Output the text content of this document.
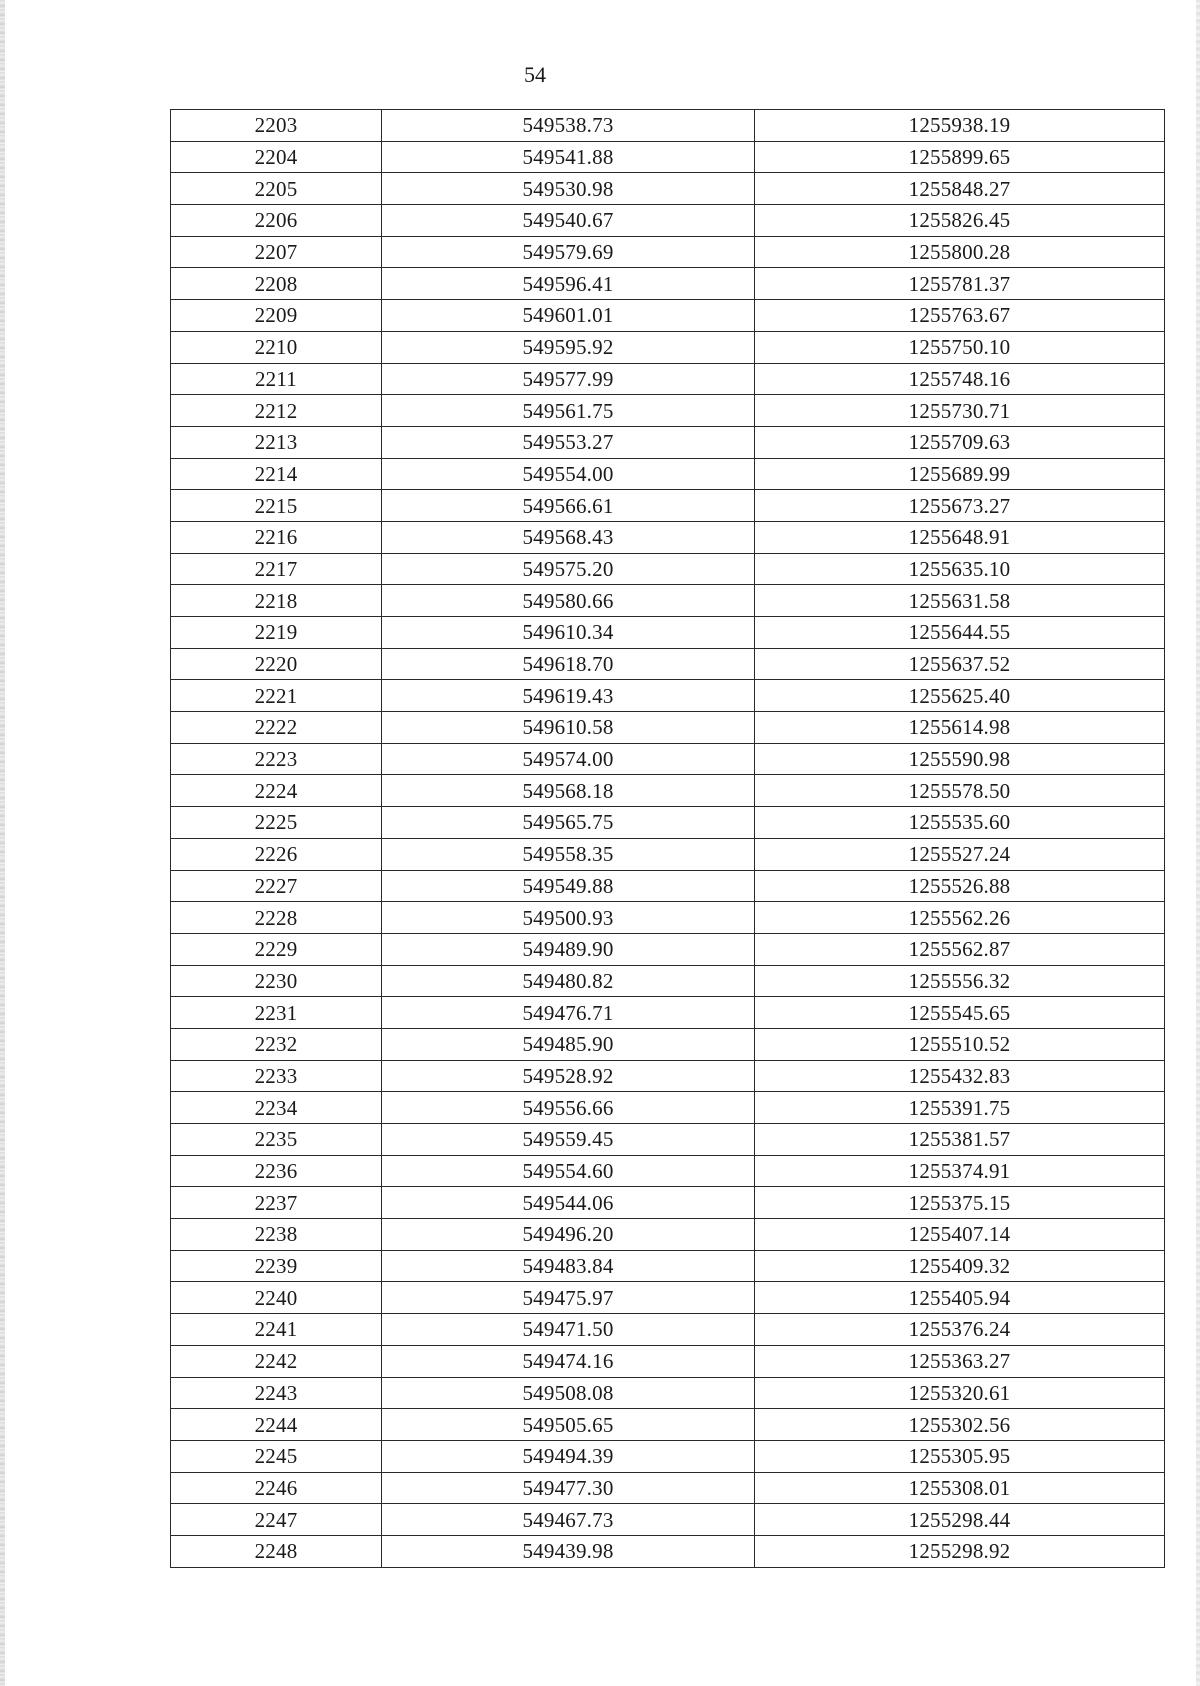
54
2203	549538.73	1255938.19
2204	549541.88	1255899.65
2205	549530.98	1255848.27
2206	549540.67	1255826.45
2207	549579.69	1255800.28
2208	549596.41	1255781.37
2209	549601.01	1255763.67
2210	549595.92	1255750.10
2211	549577.99	1255748.16
2212	549561.75	1255730.71
2213	549553.27	1255709.63
2214	549554.00	1255689.99
2215	549566.61	1255673.27
2216	549568.43	1255648.91
2217	549575.20	1255635.10
2218	549580.66	1255631.58
2219	549610.34	1255644.55
2220	549618.70	1255637.52
2221	549619.43	1255625.40
2222	549610.58	1255614.98
2223	549574.00	1255590.98
2224	549568.18	1255578.50
2225	549565.75	1255535.60
2226	549558.35	1255527.24
2227	549549.88	1255526.88
2228	549500.93	1255562.26
2229	549489.90	1255562.87
2230	549480.82	1255556.32
2231	549476.71	1255545.65
2232	549485.90	1255510.52
2233	549528.92	1255432.83
2234	549556.66	1255391.75
2235	549559.45	1255381.57
2236	549554.60	1255374.91
2237	549544.06	1255375.15
2238	549496.20	1255407.14
2239	549483.84	1255409.32
2240	549475.97	1255405.94
2241	549471.50	1255376.24
2242	549474.16	1255363.27
2243	549508.08	1255320.61
2244	549505.65	1255302.56
2245	549494.39	1255305.95
2246	549477.30	1255308.01
2247	549467.73	1255298.44
2248	549439.98	1255298.92
